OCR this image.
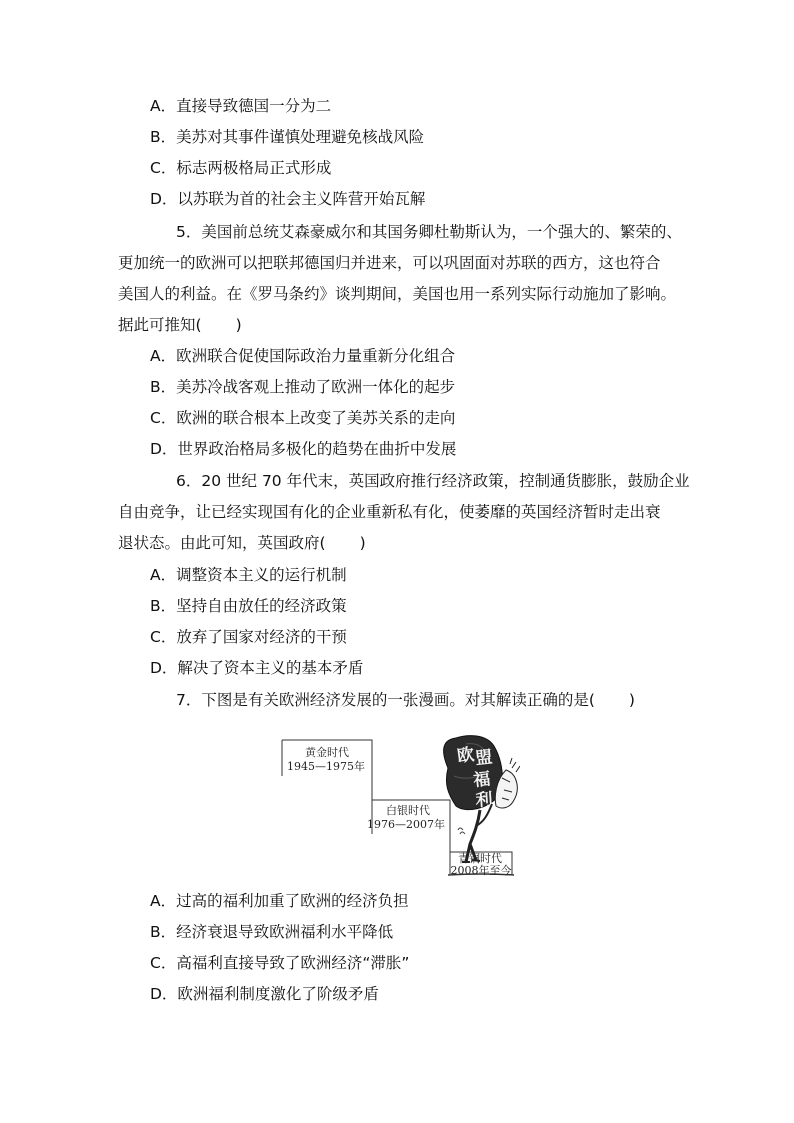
A．直接导致德国一分为二
B．美苏对其事件谨慎处理避免核战风险
C．标志两极格局正式形成
D．以苏联为首的社会主义阵营开始瓦解
5．美国前总统艾森豪威尔和其国务卿杜勒斯认为，一个强大的、繁荣的、
更加统一的欧洲可以把联邦德国归并进来，可以巩固面对苏联的西方，这也符合
美国人的利益。在《罗马条约》谈判期间，美国也用一系列实际行动施加了影响。
据此可推知( )
A．欧洲联合促使国际政治力量重新分化组合
B．美苏冷战客观上推动了欧洲一体化的起步
C．欧洲的联合根本上改变了美苏关系的走向
D．世界政治格局多极化的趋势在曲折中发展
6．20 世纪 70 年代末，英国政府推行经济政策，控制通货膨胀，鼓励企业
自由竞争，让已经实现国有化的企业重新私有化，使萎靡的英国经济暂时走出衰
退状态。由此可知，英国政府( )
A．调整资本主义的运行机制
B．坚持自由放任的经济政策
C．放弃了国家对经济的干预
D．解决了资本主义的基本矛盾
7．下图是有关欧洲经济发展的一张漫画。对其解读正确的是( )
黄金时代
1945—1975年
白银时代
1976—2007年
青铜时代
2008年至今
欧
盟
福
利
A．过高的福利加重了欧洲的经济负担
B．经济衰退导致欧洲福利水平降低
C．高福利直接导致了欧洲经济“滞胀”
D．欧洲福利制度激化了阶级矛盾
